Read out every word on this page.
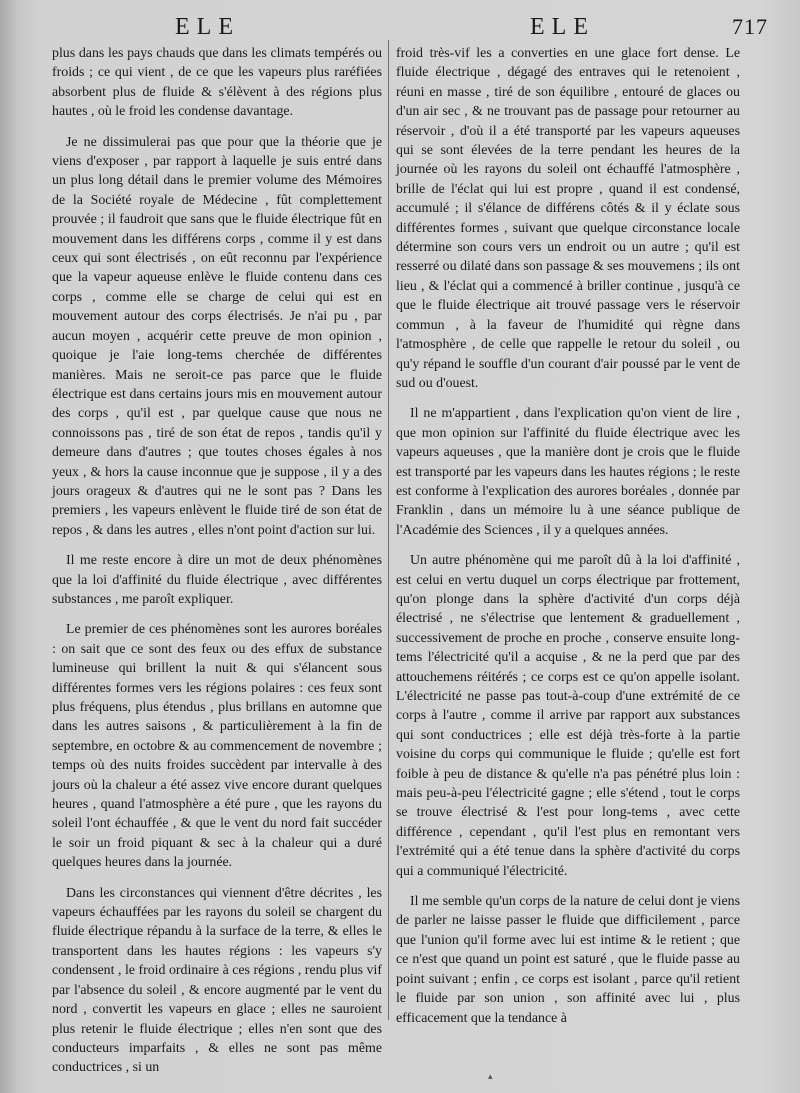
ELE	ELE	717

plus dans les pays chauds que dans les climats tempérés ou froids ; ce qui vient , de ce que les vapeurs plus raréfiées absorbent plus de fluide & s'élèvent à des régions plus hautes , où le froid les condense davantage.

Je ne dissimulerai pas que pour que la théorie que je viens d'exposer , par rapport à laquelle je suis entré dans un plus long détail dans le premier volume des Mémoires de la Société royale de Médecine , fût complettement prouvée ; il faudroit que sans que le fluide électrique fût en mouvement dans les différens corps , comme il y est dans ceux qui sont électrisés , on eût reconnu par l'expérience que la vapeur aqueuse enlève le fluide contenu dans ces corps , comme elle se charge de celui qui est en mouvement autour des corps électrisés. Je n'ai pu , par aucun moyen , acquérir cette preuve de mon opinion , quoique je l'aie long-tems cherchée de différentes manières. Mais ne seroit-ce pas parce que le fluide électrique est dans certains jours mis en mouvement autour des corps , qu'il est , par quelque cause que nous ne connoissons pas , tiré de son état de repos , tandis qu'il y demeure dans d'autres ; que toutes choses égales à nos yeux , & hors la cause inconnue que je suppose , il y a des jours orageux & d'autres qui ne le sont pas ? Dans les premiers , les vapeurs enlèvent le fluide tiré de son état de repos , & dans les autres , elles n'ont point d'action sur lui.

Il me reste encore à dire un mot de deux phénomènes que la loi d'affinité du fluide électrique , avec différentes substances , me paroît expliquer.

Le premier de ces phénomènes sont les aurores boréales : on sait que ce sont des feux ou des effux de substance lumineuse qui brillent la nuit & qui s'élancent sous différentes formes vers les régions polaires : ces feux sont plus fréquens, plus étendus , plus brillans en automne que dans les autres saisons , & particulièrement à la fin de septembre, en octobre & au commencement de novembre ; temps où des nuits froides succèdent par intervalle à des jours où la chaleur a été assez vive encore durant quelques heures , quand l'atmosphère a été pure , que les rayons du soleil l'ont échauffée , & que le vent du nord fait succéder le soir un froid piquant & sec à la chaleur qui a duré quelques heures dans la journée.

Dans les circonstances qui viennent d'être décrites , les vapeurs échauffées par les rayons du soleil se chargent du fluide électrique répandu à la surface de la terre, & elles le transportent dans les hautes régions : les vapeurs s'y condensent , le froid ordinaire à ces régions , rendu plus vif par l'absence du soleil , & encore augmenté par le vent du nord , convertit les vapeurs en glace ; elles ne sauroient plus retenir le fluide électrique ; elles n'en sont que des conducteurs imparfaits , & elles ne sont pas même conductrices , si un

froid très-vif les a converties en une glace fort dense. Le fluide électrique , dégagé des entraves qui le retenoient , réuni en masse , tiré de son équilibre , entouré de glaces ou d'un air sec , & ne trouvant pas de passage pour retourner au réservoir , d'où il a été transporté par les vapeurs aqueuses qui se sont élevées de la terre pendant les heures de la journée où les rayons du soleil ont échauffé l'atmosphère , brille de l'éclat qui lui est propre , quand il est condensé, accumulé ; il s'élance de différens côtés & il y éclate sous différentes formes , suivant que quelque circonstance locale détermine son cours vers un endroit ou un autre ; qu'il est resserré ou dilaté dans son passage & ses mouvemens ; ils ont lieu , & l'éclat qui a commencé à briller continue , jusqu'à ce que le fluide électrique ait trouvé passage vers le réservoir commun , à la faveur de l'humidité qui règne dans l'atmosphère , de celle que rappelle le retour du soleil , ou qu'y répand le souffle d'un courant d'air poussé par le vent de sud ou d'ouest.

Il ne m'appartient , dans l'explication qu'on vient de lire , que mon opinion sur l'affinité du fluide électrique avec les vapeurs aqueuses , que la manière dont je crois que le fluide est transporté par les vapeurs dans les hautes régions ; le reste est conforme à l'explication des aurores boréales , donnée par Franklin , dans un mémoire lu à une séance publique de l'Académie des Sciences , il y a quelques années.

Un autre phénomène qui me paroît dû à la loi d'affinité , est celui en vertu duquel un corps électrique par frottement, qu'on plonge dans la sphère d'activité d'un corps déjà électrisé , ne s'électrise que lentement & graduellement , successivement de proche en proche , conserve ensuite long-tems l'électricité qu'il a acquise , & ne la perd que par des attouchemens réitérés ; ce corps est ce qu'on appelle isolant. L'électricité ne passe pas tout-à-coup d'une extrémité de ce corps à l'autre , comme il arrive par rapport aux substances qui sont conductrices ; elle est déjà très-forte à la partie voisine du corps qui communique le fluide ; qu'elle est fort foible à peu de distance & qu'elle n'a pas pénétré plus loin : mais peu-à-peu l'électricité gagne ; elle s'étend , tout le corps se trouve électrisé & l'est pour long-tems , avec cette différence , cependant , qu'il l'est plus en remontant vers l'extrémité qui a été tenue dans la sphère d'activité du corps qui a communiqué l'électricité.

Il me semble qu'un corps de la nature de celui dont je viens de parler ne laisse passer le fluide que difficilement , parce que l'union qu'il forme avec lui est intime & le retient ; que ce n'est que quand un point est saturé , que le fluide passe au point suivant ; enfin , ce corps est isolant , parce qu'il retient le fluide par son union , son affinité avec lui , plus efficacement que la tendance à

▴
